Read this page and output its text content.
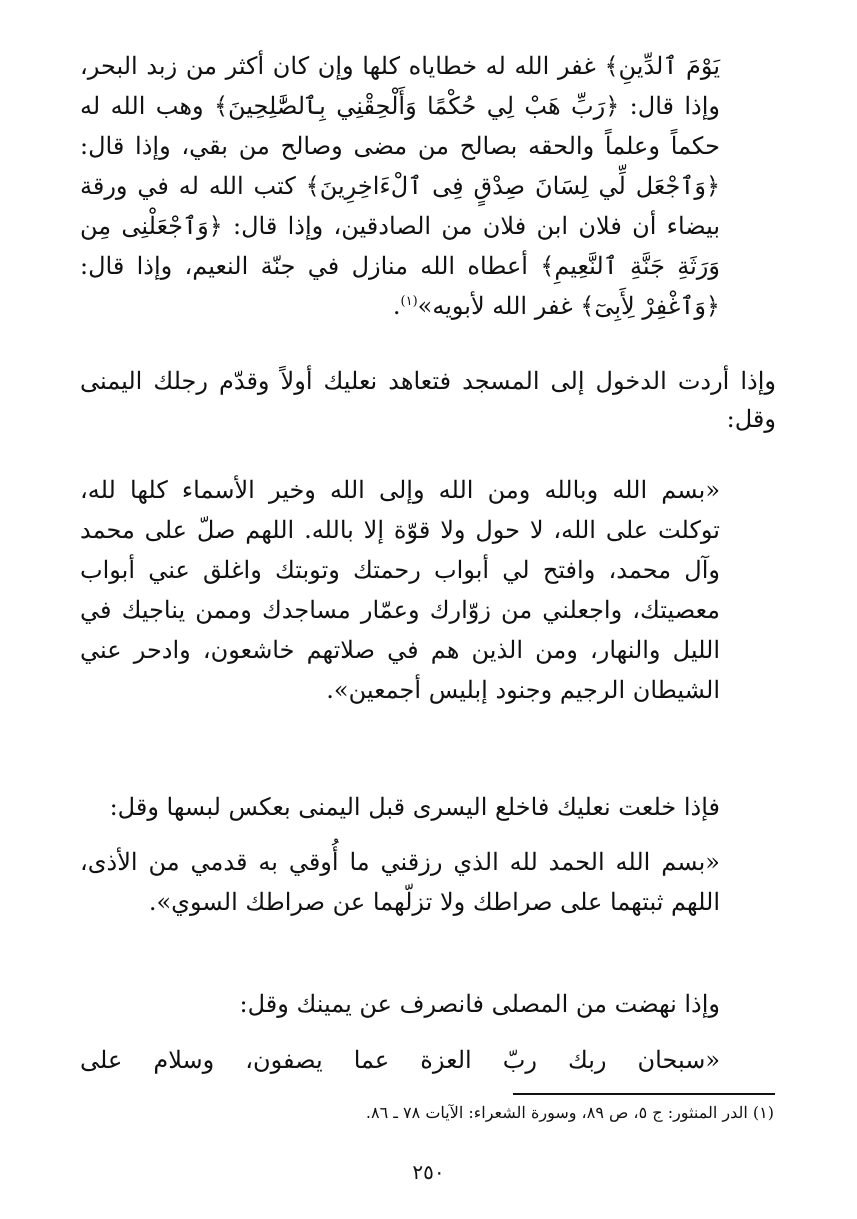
يَوْمَ ٱلدِّينِ﴾ غفر الله له خطاياه كلها وإن كان أكثر من زبد البحر، وإذا قال: ﴿رَبِّ هَبْ لِي حُكْمًا وَأَلْحِقْنِي بِٱلصَّٰلِحِينَ﴾ وهب الله له حكماً وعلماً والحقه بصالح من مضى وصالح من بقي، وإذا قال: ﴿وَٱجْعَل لِّي لِسَانَ صِدْقٍ فِى ٱلْءَاخِرِينَ﴾ كتب الله له في ورقة بيضاء أن فلان ابن فلان من الصادقين، وإذا قال: ﴿وَٱجْعَلْنِى مِن وَرَثَةِ جَنَّةِ ٱلنَّعِيمِ﴾ أعطاه الله منازل في جنّة النعيم، وإذا قال: ﴿وَٱغْفِرْ لِأَبِىٓ﴾ غفر الله لأبويه»$^{(١)}$.
وإذا أردت الدخول إلى المسجد فتعاهد نعليك أولاً وقدّم رجلك اليمنى وقل:
«بسم الله وبالله ومن الله وإلى الله وخير الأسماء كلها لله، توكلت على الله، لا حول ولا قوّة إلا بالله. اللهم صلّ على محمد وآل محمد، وافتح لي أبواب رحمتك وتوبتك واغلق عني أبواب معصيتك، واجعلني من زوّارك وعمّار مساجدك وممن يناجيك في الليل والنهار، ومن الذين هم في صلاتهم خاشعون، وادحر عني الشيطان الرجيم وجنود إبليس أجمعين».
فإذا خلعت نعليك فاخلع اليسرى قبل اليمنى بعكس لبسها وقل:
«بسم الله الحمد لله الذي رزقني ما أُوقي به قدمي من الأذى، اللهم ثبتهما على صراطك ولا تزلّهما عن صراطك السوي».
وإذا نهضت من المصلى فانصرف عن يمينك وقل:
«سبحان ربك ربّ العزة عما يصفون، وسلام على
(١) الدر المنثور: ج ٥، ص ٨٩، وسورة الشعراء: الآيات ٧٨ ـ ٨٦.
٢٥٠
